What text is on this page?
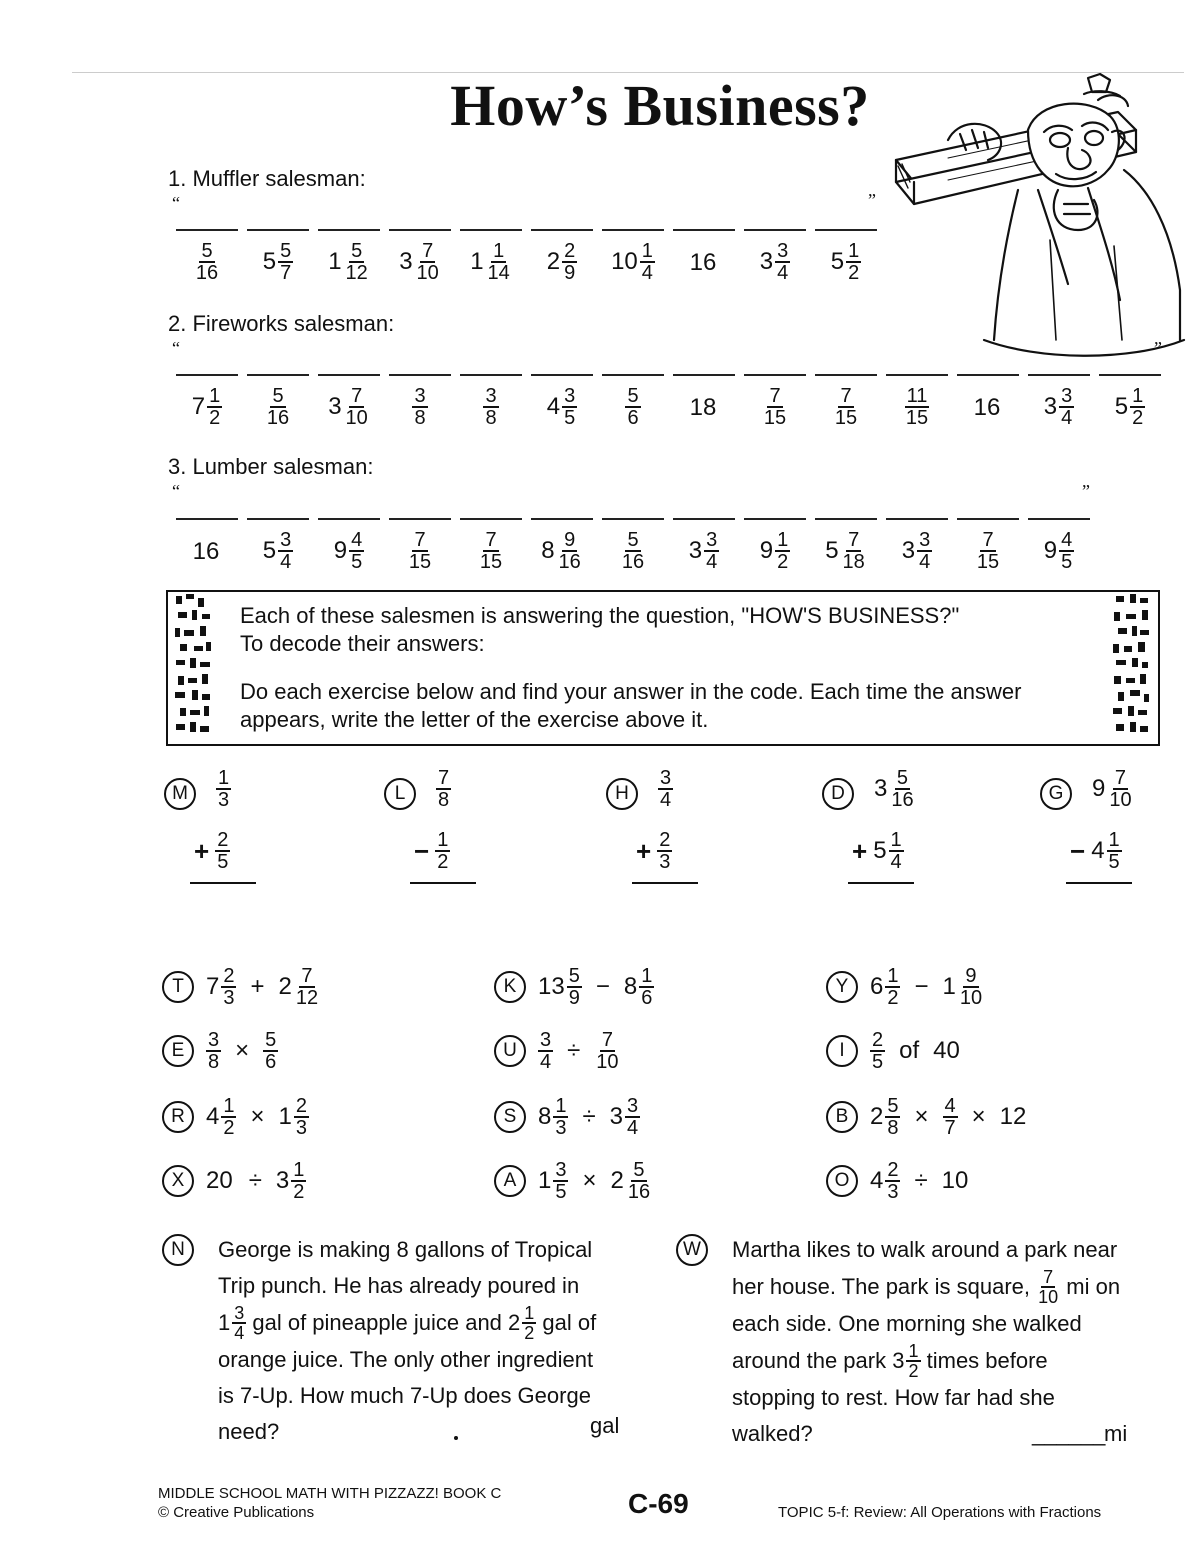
How’s Business?
1. Muffler salesman:
“	”
$\frac{5}{16} 5 \frac{5}{7} 1 \frac{5}{12} 3 \frac{7}{10} 1 \frac{1}{14} 2 \frac{2}{9} 10 \frac{1}{4} 16$ $3 \frac{3}{4} 5 \frac{1}{2}$
2. Fireworks salesman:
“	”
$7 \frac{1}{2} \frac{5}{16} 3 \frac{7}{10} \frac{3}{8}$	$\frac{3}{8} 4 \frac{3}{5} \frac{5}{6} 18 \frac{7}{15} \frac{7}{15} \frac{11}{15} 16$ $3 \frac{3}{4} 5 \frac{1}{2}$
3. Lumber salesman:
“	”
16 $5 \frac{3}{4} 9 \frac{4}{5} \frac{7}{15} \frac{7}{15} 8 \frac{9}{16} \frac{5}{16} 3 \frac{3}{4} 9 \frac{1}{2} 5 \frac{7}{18} 3 \frac{3}{4} \frac{7}{15} 9 \frac{4}{5}$
Each of these salesmen is answering the question, "HOW'S BUSINESS?"
To decode their answers:
Do each exercise below and find your answer in the code. Each time the answer
appears, write the letter of the exercise above it.
M	$\frac{1}{3}$
+ $\frac{2}{5}$
L	$\frac{7}{8}$
− $\frac{1}{2}$
H	$\frac{3}{4}$
+ $\frac{2}{3}$
D	$3 \frac{5}{16}$
+ $5 \frac{1}{4}$
G	$9 \frac{7}{10}$
− $4 \frac{1}{5}$
T $7 \frac{2}{3} + 2 \frac{7}{12}$	K $13 \frac{5}{9} - 8 \frac{1}{6}$	Y $6 \frac{1}{2} - 1 \frac{9}{10}$
E	$\frac{3}{8} \times \frac{5}{6}$	U	$\frac{3}{4} \div \frac{7}{10}$	I	$\frac{2}{5}$ of 40
R $4 \frac{1}{2} \times 1 \frac{2}{3}$	S $8 \frac{1}{3} \div 3 \frac{3}{4}$	B $2 \frac{5}{8} \times \frac{4}{7} \times 12$
X $20 \div 3 \frac{1}{2}$	A $1 \frac{3}{5} \times 2 \frac{5}{16}$	O $4 \frac{2}{3} \div 10$
N	George is making 8 gallons of Tropical
Trip punch. He has already poured in
$1 \frac{3}{4}$ gal of pineapple juice and $2 \frac{1}{2}$ gal of
orange juice. The only other ingredient
is 7-Up. How much 7-Up does George
need?	gal
W	Martha likes to walk around a park near
her house. The park is square, $\frac{7}{10}$ mi on
each side. One morning she walked
around the park $3 \frac{1}{2}$ times before
stopping to rest. How far had she
walked?	______
mi
MIDDLE SCHOOL MATH WITH PIZZAZZ! BOOK C
© Creative Publications	C-69	TOPIC 5-f: Review: All Operations with Fractions
